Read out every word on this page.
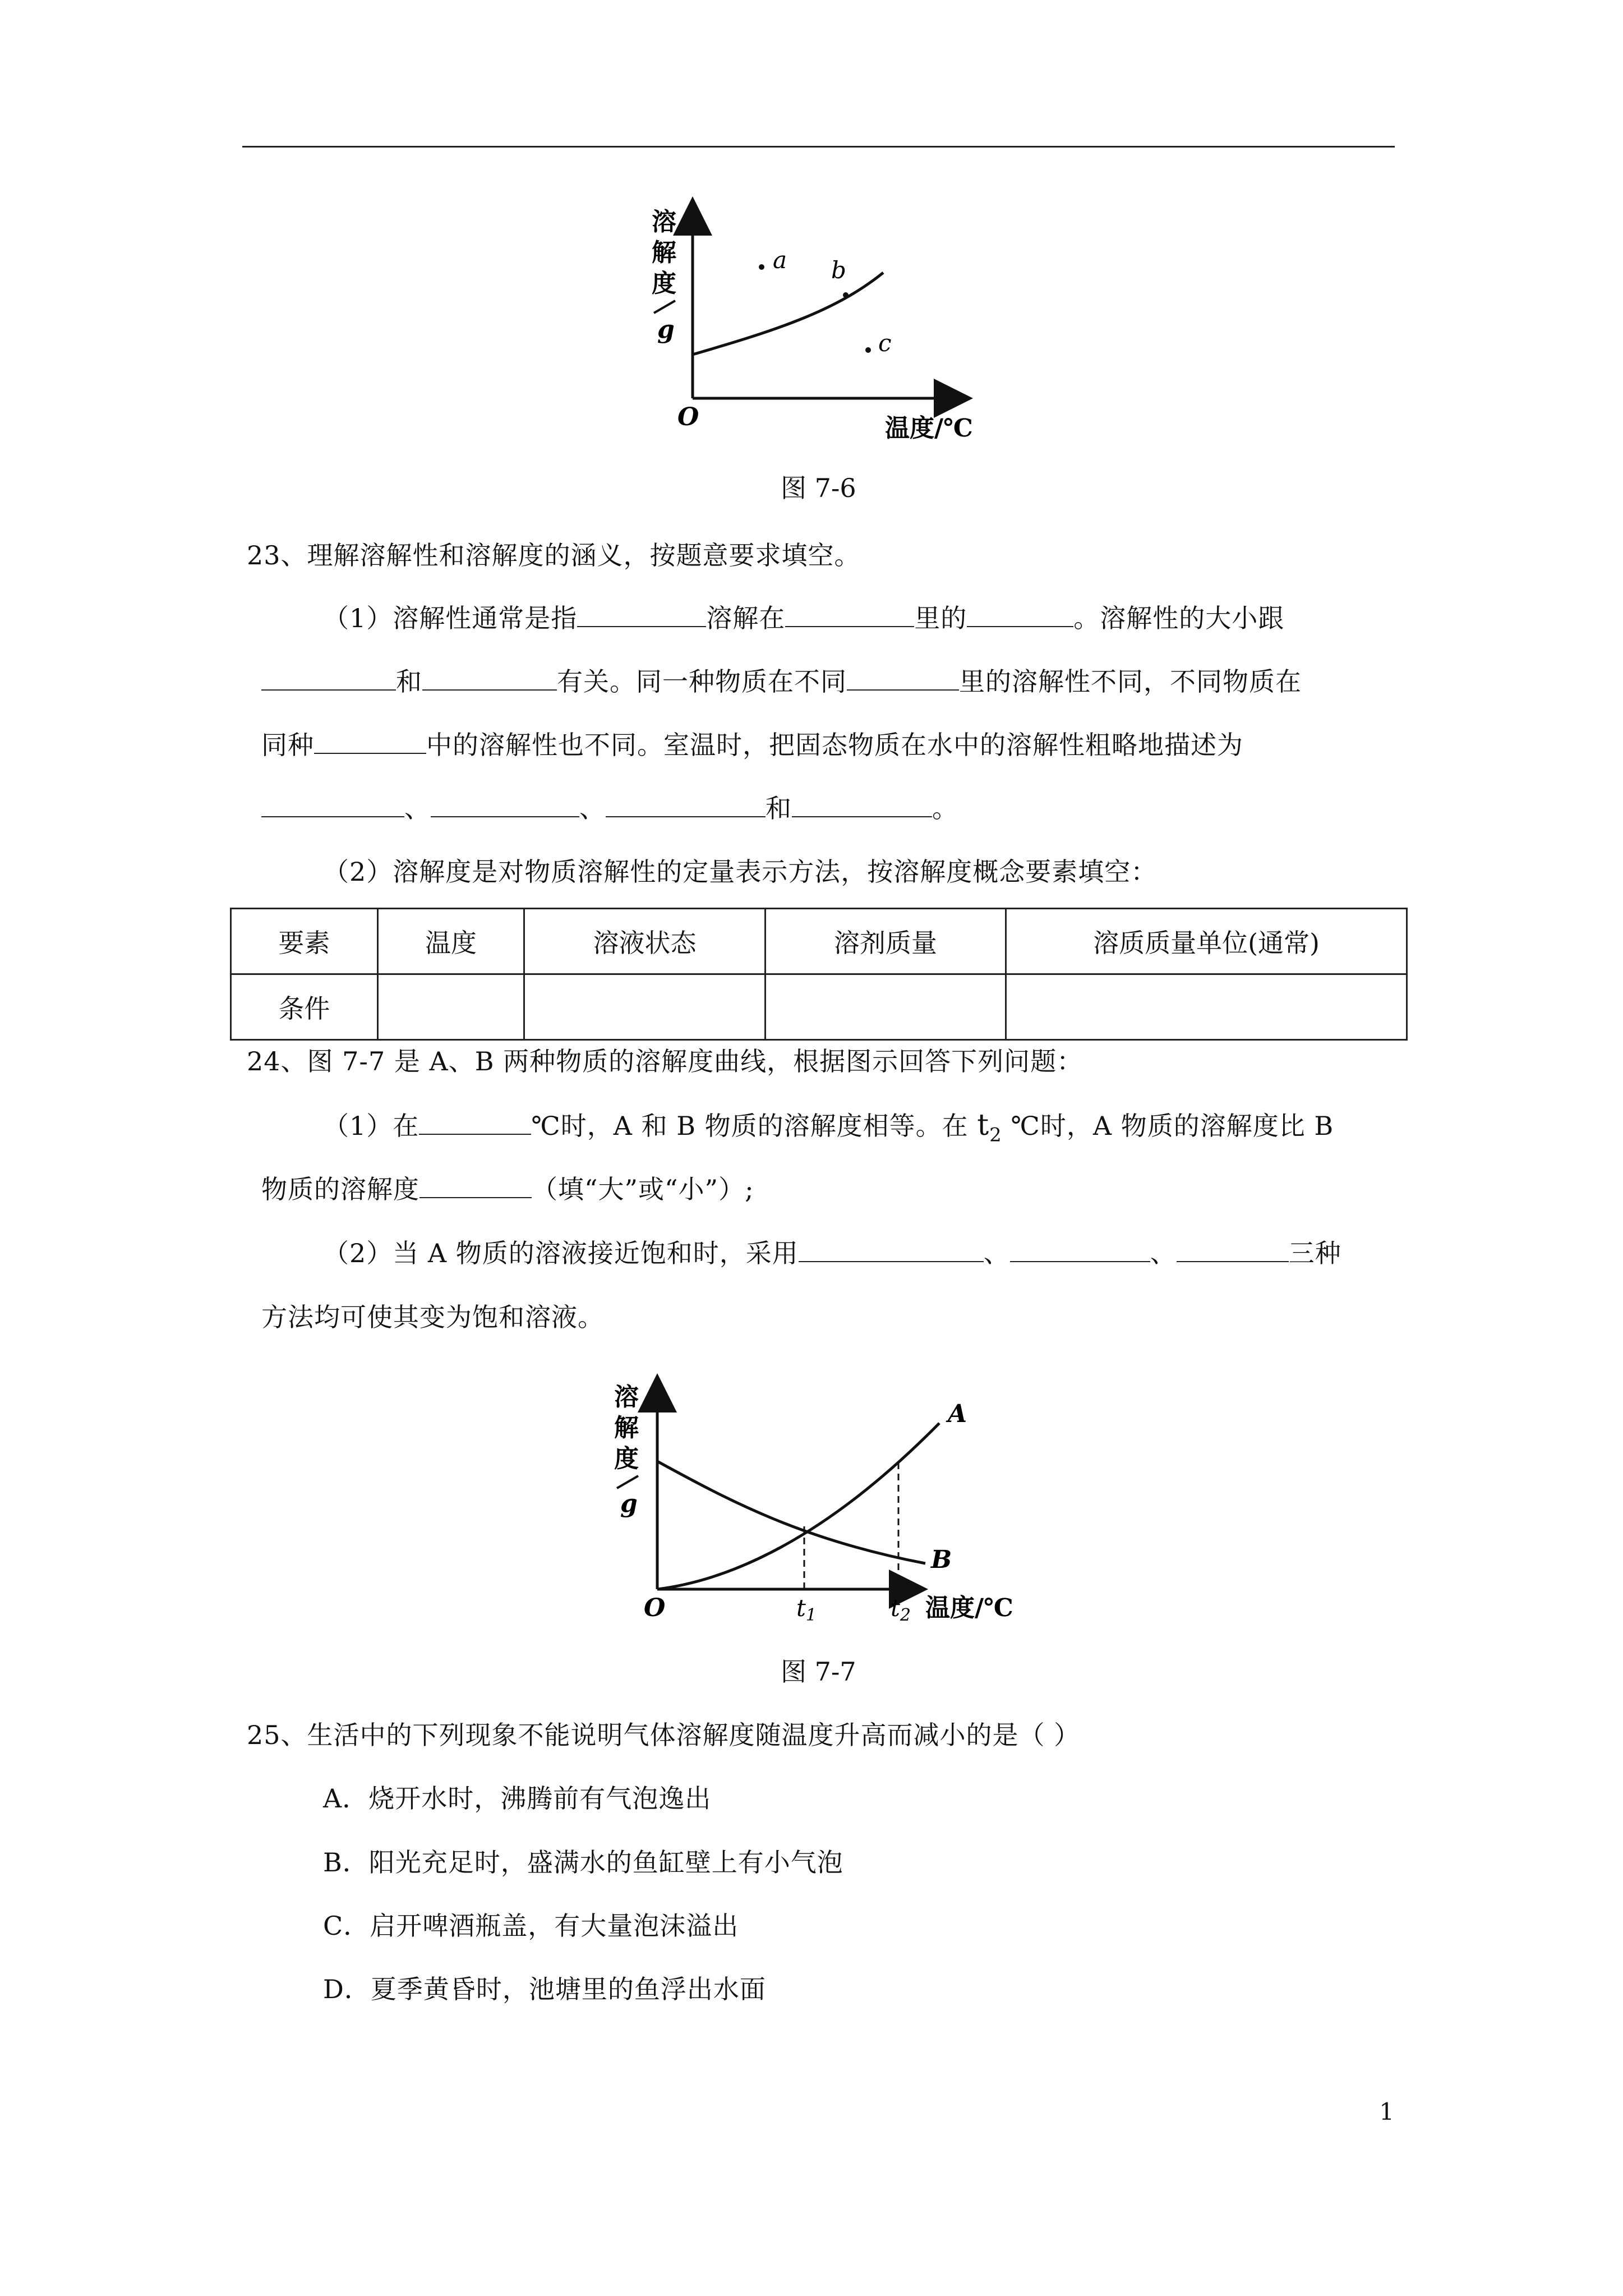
溶
解
度
g
O	温度/℃
a b
c
图 7-6
23、理解溶解性和溶解度的涵义，按题意要求填空。
（1）溶解性通常是指	溶解在	里的	。溶解性的大小跟
和	有关。同一种物质在不同	里的溶解性不同，不同物质在
同种	中的溶解性也不同。室温时，把固态物质在水中的溶解性粗略地描述为
、	、	和	。
（2）溶解度是对物质溶解性的定量表示方法，按溶解度概念要素填空：
要素	温度	溶液状态	溶剂质量	溶质质量单位(通常)
条件				
24、图 7-7 是 A、B 两种物质的溶解度曲线，根据图示回答下列问题：
（1）在	℃时，A 和 B 物质的溶解度相等。在 $t_2$ ℃时，A 物质的溶解度比 B
物质的溶解度	（填“大”或“小”）;
（2）当 A 物质的溶液接近饱和时，采用	、	、	三种
方法均可使其变为饱和溶液。
溶
解
度
g
O	t1	t2 温度/℃
A
B
图 7-7
25、生活中的下列现象不能说明气体溶解度随温度升高而减小的是（ ）
A．烧开水时，沸腾前有气泡逸出
B．阳光充足时，盛满水的鱼缸壁上有小气泡
C．启开啤酒瓶盖，有大量泡沫溢出
D．夏季黄昏时，池塘里的鱼浮出水面
1
